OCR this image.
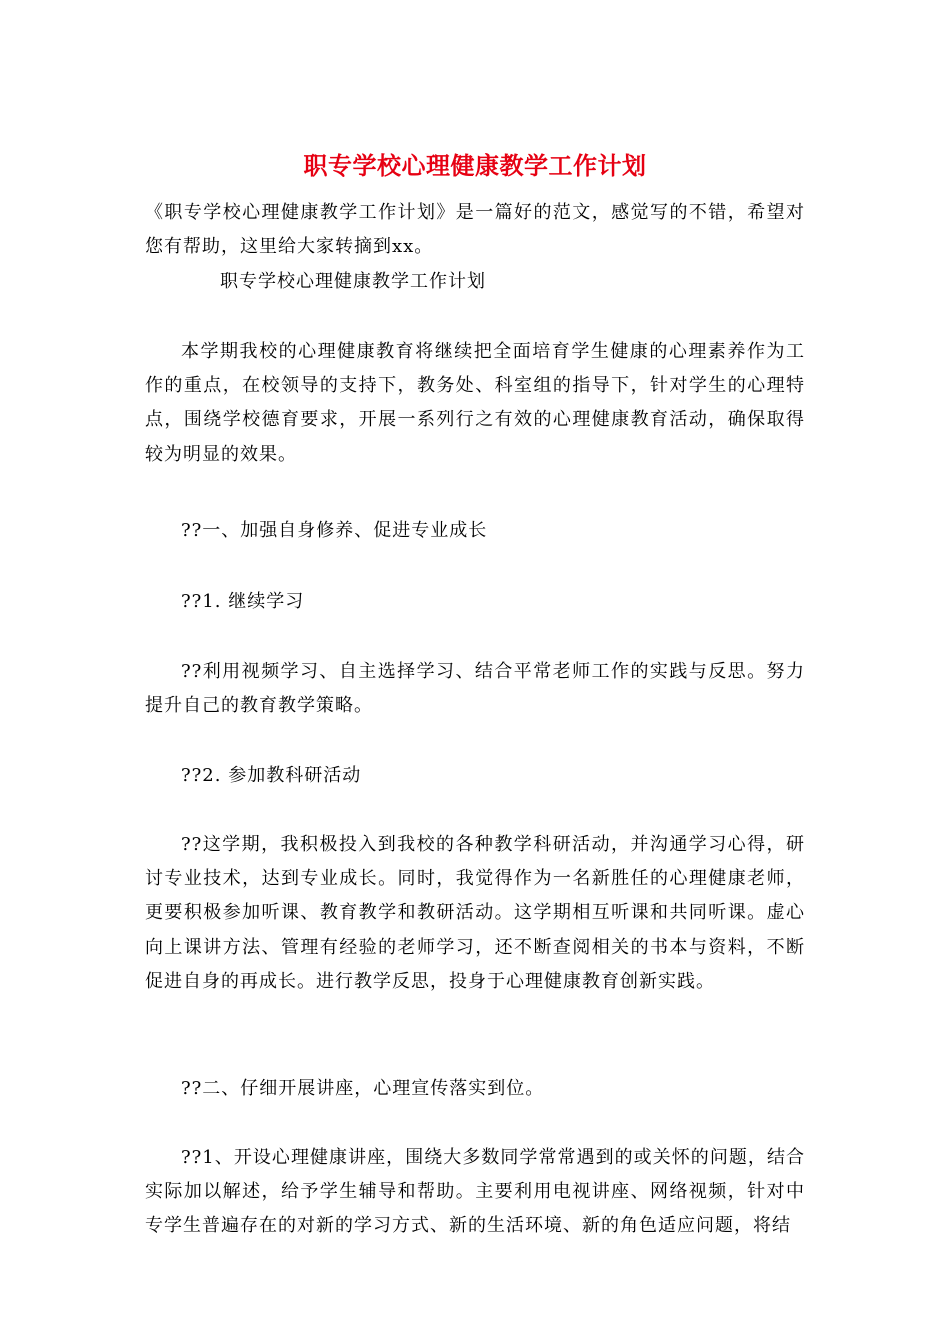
职专学校心理健康教学工作计划

《职专学校心理健康教学工作计划》是一篇好的范文，感觉写的不错，希望对您有帮助，这里给大家转摘到xx。

职专学校心理健康教学工作计划

本学期我校的心理健康教育将继续把全面培育学生健康的心理素养作为工作的重点，在校领导的支持下，教务处、科室组的指导下，针对学生的心理特点，围绕学校德育要求，开展一系列行之有效的心理健康教育活动，确保取得较为明显的效果。

??一、加强自身修养、促进专业成长

??1. 继续学习

??利用视频学习、自主选择学习、结合平常老师工作的实践与反思。努力提升自己的教育教学策略。

??2. 参加教科研活动

??这学期，我积极投入到我校的各种教学科研活动，并沟通学习心得，研讨专业技术，达到专业成长。同时，我觉得作为一名新胜任的心理健康老师，更要积极参加听课、教育教学和教研活动。这学期相互听课和共同听课。虚心向上课讲方法、管理有经验的老师学习，还不断查阅相关的书本与资料，不断促进自身的再成长。进行教学反思，投身于心理健康教育创新实践。

??二、仔细开展讲座，心理宣传落实到位。

??1、开设心理健康讲座，围绕大多数同学常常遇到的或关怀的问题，结合实际加以解述，给予学生辅导和帮助。主要利用电视讲座、网络视频，针对中专学生普遍存在的对新的学习方式、新的生活环境、新的角色适应问题，将结
